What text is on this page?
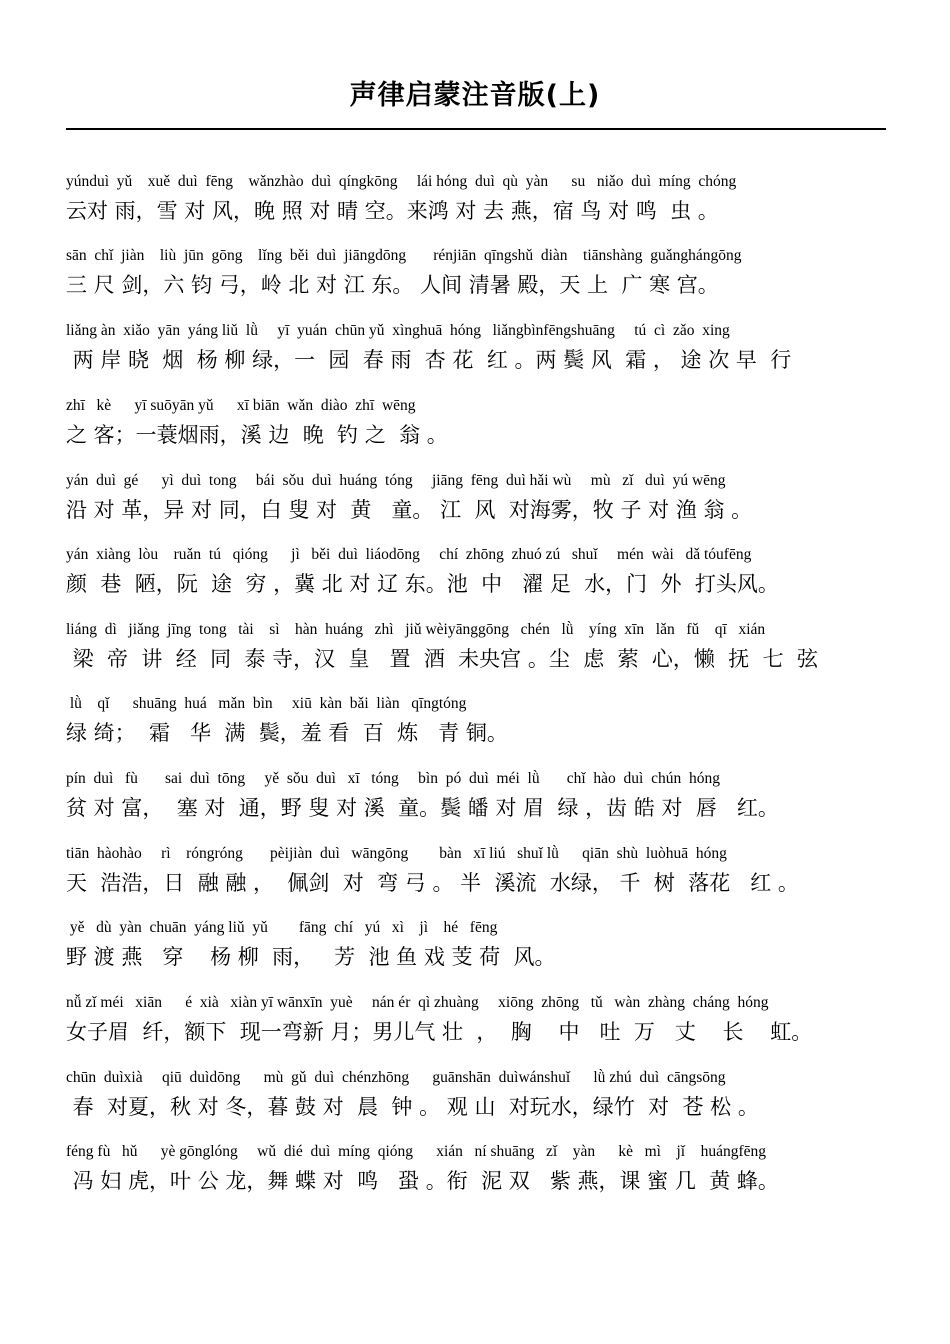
声律启蒙注音版(上)
yúnduì  yǔ    xuě  duì  fēng    wǎnzhào  duì  qíngkōng     lái hóng  duì  qù  yàn      su   niǎo  duì  míng  chóng
云对 雨，雪 对 风，晚 照 对 晴 空。来鸿 对 去 燕，宿 鸟 对 鸣  虫 。
sān  chǐ  jiàn    liù  jūn  gōng    lǐng  běi  duì  jiāngdōng       rénjiān  qīngshǔ  diàn    tiānshàng  guǎnghángōng
三 尺 剑，六 钧 弓，岭 北 对 江 东。 人间 清暑 殿，天 上  广 寒 宫。
liǎng àn  xiǎo  yān  yáng liǔ  lǜ     yī  yuán  chūn yǔ  xìnghuā  hóng   liǎngbìnfēngshuāng     tú  cì  zǎo  xing
两 岸 晓  烟  杨 柳 绿，一  园  春 雨  杏 花  红 。两 鬓 风  霜 ， 途 次 早  行
zhī   kè      yī suōyān yǔ      xī biān  wǎn  diào  zhī  wēng
之 客；一蓑烟雨，溪 边  晚  钓 之  翁 。
yán  duì  gé      yì  duì  tong     bái  sǒu  duì  huáng  tóng     jiāng  fēng  duì hǎi wù     mù   zǐ   duì  yú wēng
沿 对 革，异 对 同，白 叟 对  黄   童。 江  风  对海雾，牧 子 对 渔 翁 。
yán  xiàng  lòu    ruǎn  tú   qióng      jì   běi  duì  liáodōng     chí  zhōng  zhuó zú   shuǐ     mén  wài   dǎ tóufēng
颜  巷  陋，阮  途  穷 ，冀 北 对 辽 东。池  中   濯 足  水，门  外  打头风。
liáng  dì   jiǎng  jīng  tong   tài    sì    hàn  huáng   zhì   jiǔ wèiyānggōng   chén   lǜ    yíng  xīn   lǎn   fǔ    qī   xián
梁  帝  讲  经  同  泰 寺，汉  皇   置  酒  未央宫 。尘  虑  萦  心，懒  抚  七  弦
lǜ    qǐ      shuāng  huá   mǎn  bìn     xiū  kàn  bǎi  liàn   qīngtóng
绿 绮；  霜   华  满  鬓，羞 看  百  炼   青 铜。
pín  duì   fù       sai  duì  tōng     yě  sǒu  duì   xī   tóng     bìn  pó  duì  méi  lǜ       chǐ  hào  duì  chún  hóng
贫 对 富，  塞 对  通，野 叟 对 溪  童。鬓 皤 对 眉  绿 ，齿 皓 对  唇   红。
tiān  hàohào     rì    róngróng       pèijiàn  duì   wāngōng        bàn   xī liú   shuǐ lǜ      qiān  shù  luòhuā  hóng
天  浩浩，日  融 融 ，  佩剑  对  弯 弓 。 半  溪流  水绿， 千  树  落花   红 。
yě   dù  yàn  chuān  yáng liǔ  yǔ        fāng  chí   yú   xì    jì    hé   fēng
野 渡 燕   穿    杨 柳  雨，   芳  池 鱼 戏 芰 荷  风。
nǚ zǐ méi   xiān      é  xià   xiàn yī wānxīn  yuè     nán ér  qì zhuàng     xiōng  zhōng   tǔ   wàn  zhàng  cháng  hóng
女子眉  纤，额下  现一弯新 月；男儿气 壮  ，  胸    中   吐  万   丈    长    虹。
chūn  duìxià     qiū  duìdōng      mù  gǔ  duì  chénzhōng      guānshān  duìwánshuǐ      lǜ zhú  duì  cāngsōng
春  对夏，秋 对 冬，暮 鼓 对  晨  钟 。 观 山  对玩水，绿竹  对  苍 松 。
féng fù   hǔ      yè gōnglóng     wǔ  dié  duì  míng  qióng      xián   ní shuāng   zǐ    yàn      kè   mì    jǐ    huángfēng
冯 妇 虎，叶 公 龙，舞 蝶 对  鸣   蛩 。衔  泥 双   紫 燕，课 蜜 几  黄 蜂。
